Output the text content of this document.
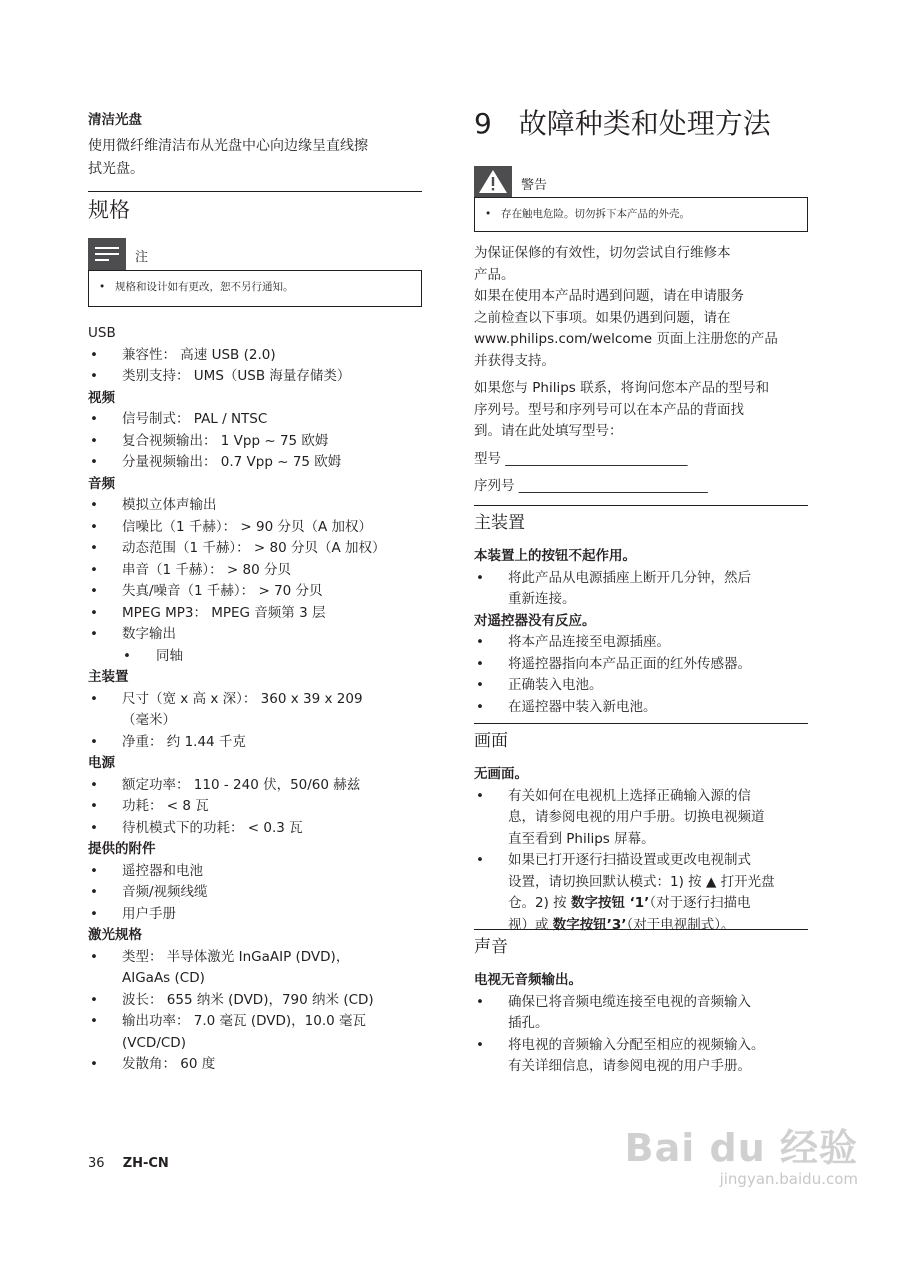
清洁光盘
使用微纤维清洁布从光盘中心向边缘呈直线擦
拭光盘。
规格
注
• 规格和设计如有更改，恕不另行通知。
USB
• 兼容性： 高速 USB (2.0)
• 类别支持： UMS（USB 海量存储类）
视频
• 信号制式： PAL / NTSC
• 复合视频输出： 1 Vpp ~ 75 欧姆
• 分量视频输出： 0.7 Vpp ~ 75 欧姆
音频
• 模拟立体声输出
• 信噪比（1 千赫）： > 90 分贝（A 加权）
• 动态范围（1 千赫）： > 80 分贝（A 加权）
• 串音（1 千赫）： > 80 分贝
• 失真/噪音（1 千赫）： > 70 分贝
• MPEG MP3： MPEG 音频第 3 层
• 数字输出
• 同轴
主装置
• 尺寸（宽 x 高 x 深）： 360 x 39 x 209
（毫米）
• 净重： 约 1.44 千克
电源
• 额定功率： 110 - 240 伏，50/60 赫兹
• 功耗： < 8 瓦
• 待机模式下的功耗： < 0.3 瓦
提供的附件
• 遥控器和电池
• 音频/视频线缆
• 用户手册
激光规格
• 类型： 半导体激光 InGaAIP (DVD)，
AIGaAs (CD)
• 波长： 655 纳米 (DVD)，790 纳米 (CD)
• 输出功率： 7.0 毫瓦 (DVD)，10.0 毫瓦
(VCD/CD)
• 发散角： 60 度
9 故障种类和处理方法
警告
• 存在触电危险。切勿拆下本产品的外壳。
为保证保修的有效性，切勿尝试自行维修本
产品。
如果在使用本产品时遇到问题，请在申请服务
之前检查以下事项。如果仍遇到问题，请在
www.philips.com/welcome 页面上注册您的产品
并获得支持。
如果您与 Philips 联系，将询问您本产品的型号和
序列号。型号和序列号可以在本产品的背面找
到。请在此处填写型号：
型号 ___________________________
序列号 ____________________________
主装置
本装置上的按钮不起作用。
• 将此产品从电源插座上断开几分钟，然后
重新连接。
对遥控器没有反应。
• 将本产品连接至电源插座。
• 将遥控器指向本产品正面的红外传感器。
• 正确装入电池。
• 在遥控器中装入新电池。
画面
无画面。
• 有关如何在电视机上选择正确输入源的信
息，请参阅电视的用户手册。切换电视频道
直至看到 Philips 屏幕。
• 如果已打开逐行扫描设置或更改电视制式
设置，请切换回默认模式：1) 按 ▲ 打开光盘
仓。2) 按 数字按钮 ‘1’（对于逐行扫描电
视）或 数字按钮’3’（对于电视制式）。
声音
电视无音频输出。
• 确保已将音频电缆连接至电视的音频输入
插孔。
• 将电视的音频输入分配至相应的视频输入。
有关详细信息，请参阅电视的用户手册。
36 ZH-CN	Bai du 经验
jingyan.baidu.com
